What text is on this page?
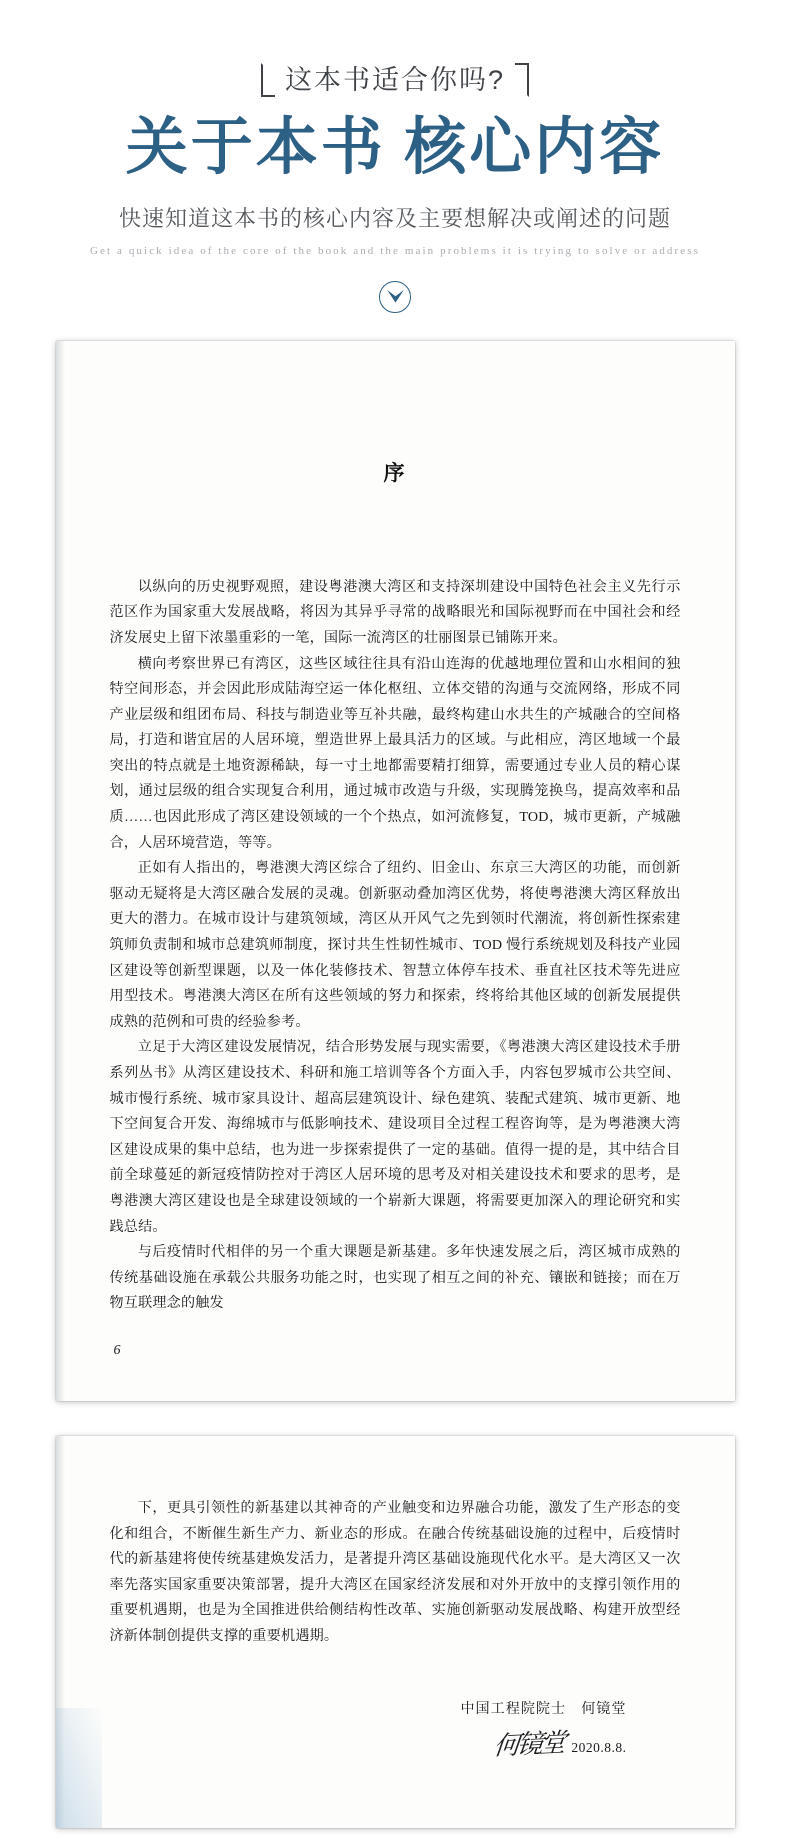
这本书适合你吗?
关于本书 核心内容
快速知道这本书的核心内容及主要想解决或阐述的问题
Get a quick idea of the core of the book and the main problems it is trying to solve or address
序

以纵向的历史视野观照，建设粤港澳大湾区和支持深圳建设中国特色社会主义先行示范区作为国家重大发展战略，将因为其异乎寻常的战略眼光和国际视野而在中国社会和经济发展史上留下浓墨重彩的一笔，国际一流湾区的壮丽图景已铺陈开来。

横向考察世界已有湾区，这些区域往往具有沿山连海的优越地理位置和山水相间的独特空间形态，并会因此形成陆海空运一体化枢纽、立体交错的沟通与交流网络，形成不同产业层级和组团布局、科技与制造业等互补共融，最终构建山水共生的产城融合的空间格局，打造和谐宜居的人居环境，塑造世界上最具活力的区域。与此相应，湾区地域一个最突出的特点就是土地资源稀缺，每一寸土地都需要精打细算，需要通过专业人员的精心谋划，通过层级的组合实现复合利用，通过城市改造与升级，实现腾笼换鸟，提高效率和品质……也因此形成了湾区建设领域的一个个热点，如河流修复，TOD，城市更新，产城融合，人居环境营造，等等。

正如有人指出的，粤港澳大湾区综合了纽约、旧金山、东京三大湾区的功能，而创新驱动无疑将是大湾区融合发展的灵魂。创新驱动叠加湾区优势，将使粤港澳大湾区释放出更大的潜力。在城市设计与建筑领域，湾区从开风气之先到领时代潮流，将创新性探索建筑师负责制和城市总建筑师制度，探讨共生性韧性城市、TOD 慢行系统规划及科技产业园区建设等创新型课题，以及一体化装修技术、智慧立体停车技术、垂直社区技术等先进应用型技术。粤港澳大湾区在所有这些领域的努力和探索，终将给其他区域的创新发展提供成熟的范例和可贵的经验参考。

立足于大湾区建设发展情况，结合形势发展与现实需要，《粤港澳大湾区建设技术手册系列丛书》从湾区建设技术、科研和施工培训等各个方面入手，内容包罗城市公共空间、城市慢行系统、城市家具设计、超高层建筑设计、绿色建筑、装配式建筑、城市更新、地下空间复合开发、海绵城市与低影响技术、建设项目全过程工程咨询等，是为粤港澳大湾区建设成果的集中总结，也为进一步探索提供了一定的基础。值得一提的是，其中结合目前全球蔓延的新冠疫情防控对于湾区人居环境的思考及对相关建设技术和要求的思考，是粤港澳大湾区建设也是全球建设领域的一个崭新大课题，将需要更加深入的理论研究和实践总结。

与后疫情时代相伴的另一个重大课题是新基建。多年快速发展之后，湾区城市成熟的传统基础设施在承载公共服务功能之时，也实现了相互之间的补充、镶嵌和链接；而在万物互联理念的触发

6

下，更具引领性的新基建以其神奇的产业触变和边界融合功能，激发了生产形态的变化和组合，不断催生新生产力、新业态的形成。在融合传统基础设施的过程中，后疫情时代的新基建将使传统基建焕发活力，是著提升湾区基础设施现代化水平。是大湾区又一次率先落实国家重要决策部署，提升大湾区在国家经济发展和对外开放中的支撑引领作用的重要机遇期，也是为全国推进供给侧结构性改革、实施创新驱动发展战略、构建开放型经济新体制创提供支撑的重要机遇期。

中国工程院院士　何镜堂
何镜堂 2020.8.8.
